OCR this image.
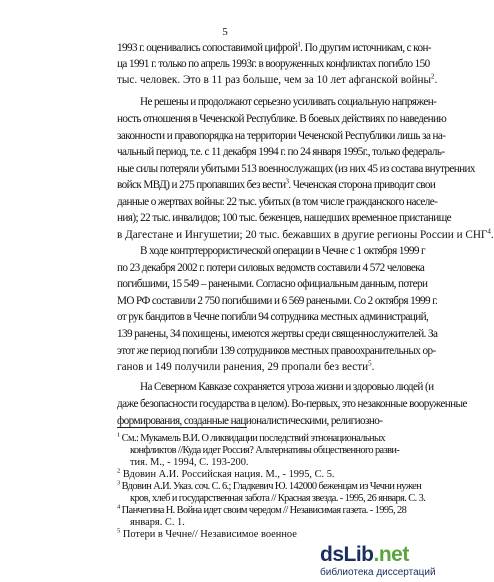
5
1993 г. оценивались сопоставимой цифрой$^1$. По другим источникам, с кон-
ца 1991 г. только по апрель 1993г. в вооруженных конфликтах погибло 150
тыс. человек. Это в 11 раз больше, чем за 10 лет афганской войны$^2$.
Не решены и продолжают серьезно усиливать социальную напряжен-
ность отношения в Чеченской Республике. В боевых действиях по наведению
законности и правопорядка на территории Чеченской Республики лишь за на-
чальный период, т.е. с 11 декабря 1994 г. по 24 января 1995г., только федераль-
ные силы потеряли убитыми 513 военнослужащих (из них 45 из состава внутренних
войск МВД) и 275 пропавших без вести$^3$. Чеченская сторона приводит свои
данные о жертвах войны: 22 тыс. убитых (в том числе гражданского населе-
ния); 22 тыс. инвалидов; 100 тыс. беженцев, нашедших временное пристанище
в Дагестане и Ингушетии; 20 тыс. бежавших в другие регионы России и СНГ$^4$.
В ходе контртеррористической операции в Чечне с 1 октября 1999 г
по 23 декабря 2002 г. потери силовых ведомств составили 4 572 человека
погибшими, 15 549 – ранеными. Согласно официальным данным, потери
МО РФ составили 2 750 погибшими и 6 569 ранеными. Со 2 октября 1999 г.
от рук бандитов в Чечне погибли 94 сотрудника местных администраций,
139 ранены, 34 похищены, имеются жертвы среди священнослужителей. За
этот же период погибли 139 сотрудников местных правоохранительных ор-
ганов и 149 получили ранения, 29 пропали без вести$^5$.
На Северном Кавказе сохраняется угроза жизни и здоровью людей (и
даже безопасности государства в целом). Во-первых, это незаконные вооруженные
формирования, созданные националистическими, религиозно-
$^1$ См.: Мукамель В.И. О ликвидации последствий этнонациональных
конфликтов //Куда идет Россия? Альтернативы общественного разви-
тия. М., - 1994, С. 193-200.
$^2$ Вдовин А.И. Российская нация. М., - 1995, С. 5.
$^3$ Вдовин А.И. Указ. соч. С. 6.; Гладкевич Ю. 142000 беженцам из Чечни нужен
кров, хлеб и государственная забота // Красная звезда. - 1995, 26 января. С. 3.
$^4$ Панчегина Н. Война идет своим чередом // Независимая газета. - 1995, 28
января. С. 1.
$^5$ Потери в Чечне// Независимое военное
dsLib.net
библиотека диссертаций
